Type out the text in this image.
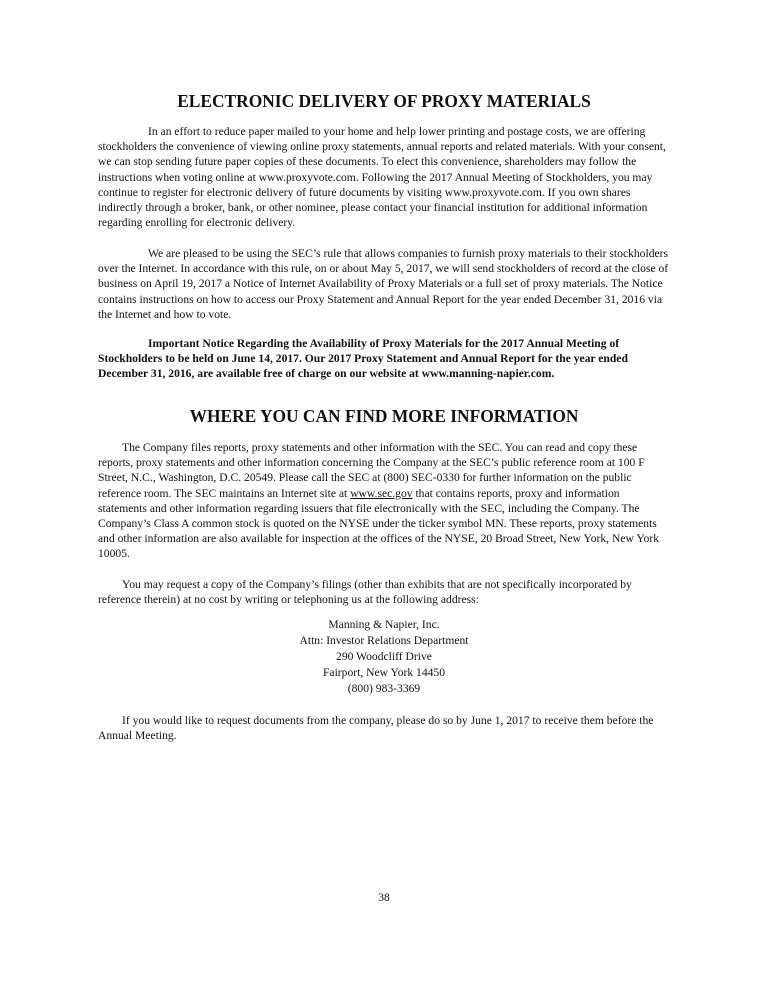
ELECTRONIC DELIVERY OF PROXY MATERIALS

In an effort to reduce paper mailed to your home and help lower printing and postage costs, we are offering stockholders the convenience of viewing online proxy statements, annual reports and related materials. With your consent, we can stop sending future paper copies of these documents. To elect this convenience, shareholders may follow the instructions when voting online at www.proxyvote.com. Following the 2017 Annual Meeting of Stockholders, you may continue to register for electronic delivery of future documents by visiting www.proxyvote.com. If you own shares indirectly through a broker, bank, or other nominee, please contact your financial institution for additional information regarding enrolling for electronic delivery.

We are pleased to be using the SEC’s rule that allows companies to furnish proxy materials to their stockholders over the Internet. In accordance with this rule, on or about May 5, 2017, we will send stockholders of record at the close of business on April 19, 2017 a Notice of Internet Availability of Proxy Materials or a full set of proxy materials. The Notice contains instructions on how to access our Proxy Statement and Annual Report for the year ended December 31, 2016 via the Internet and how to vote.

Important Notice Regarding the Availability of Proxy Materials for the 2017 Annual Meeting of Stockholders to be held on June 14, 2017. Our 2017 Proxy Statement and Annual Report for the year ended December 31, 2016, are available free of charge on our website at www.manning-napier.com.

WHERE YOU CAN FIND MORE INFORMATION

The Company files reports, proxy statements and other information with the SEC. You can read and copy these reports, proxy statements and other information concerning the Company at the SEC’s public reference room at 100 F Street, N.C., Washington, D.C. 20549. Please call the SEC at (800) SEC-0330 for further information on the public reference room. The SEC maintains an Internet site at www.sec.gov that contains reports, proxy and information statements and other information regarding issuers that file electronically with the SEC, including the Company. The Company’s Class A common stock is quoted on the NYSE under the ticker symbol MN. These reports, proxy statements and other information are also available for inspection at the offices of the NYSE, 20 Broad Street, New York, New York 10005.

You may request a copy of the Company’s filings (other than exhibits that are not specifically incorporated by reference therein) at no cost by writing or telephoning us at the following address:

Manning & Napier, Inc.
Attn: Investor Relations Department
290 Woodcliff Drive
Fairport, New York 14450
(800) 983-3369

If you would like to request documents from the company, please do so by June 1, 2017 to receive them before the Annual Meeting.

38
